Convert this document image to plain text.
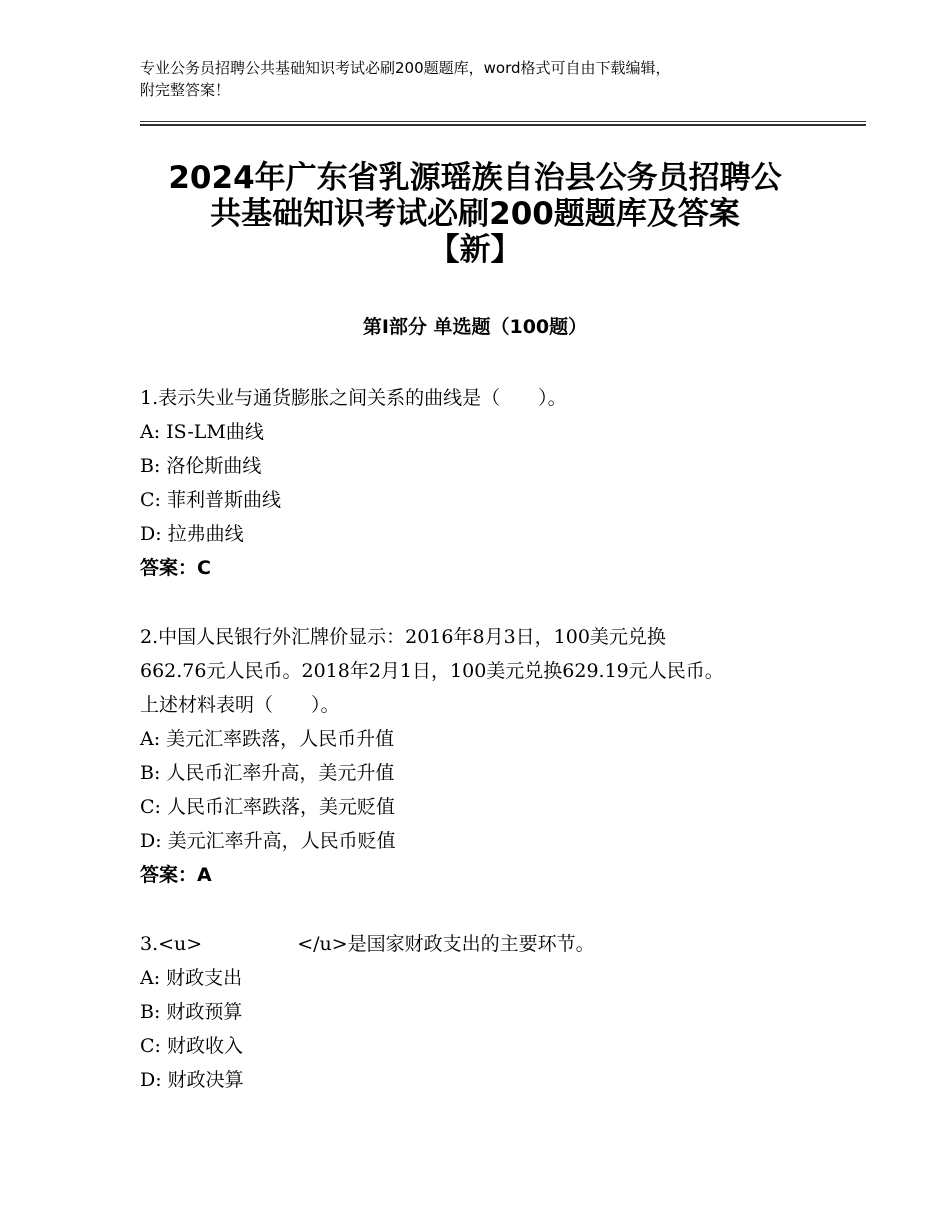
专业公务员招聘公共基础知识考试必刷200题题库，word格式可自由下载编辑，
附完整答案！
2024年广东省乳源瑶族自治县公务员招聘公
共基础知识考试必刷200题题库及答案
【新】
第Ⅰ部分 单选题（100题）
1.表示失业与通货膨胀之间关系的曲线是（　　）。
A: IS-LM曲线
B: 洛伦斯曲线
C: 菲利普斯曲线
D: 拉弗曲线
答案：C
2.中国人民银行外汇牌价显示：2016年8月3日，100美元兑换
662.76元人民币。2018年2月1日，100美元兑换629.19元人民币。
上述材料表明（　　）。
A: 美元汇率跌落，人民币升值
B: 人民币汇率升高，美元升值
C: 人民币汇率跌落，美元贬值
D: 美元汇率升高，人民币贬值
答案：A
3.<u>　　　　　</u>是国家财政支出的主要环节。
A: 财政支出
B: 财政预算
C: 财政收入
D: 财政决算
